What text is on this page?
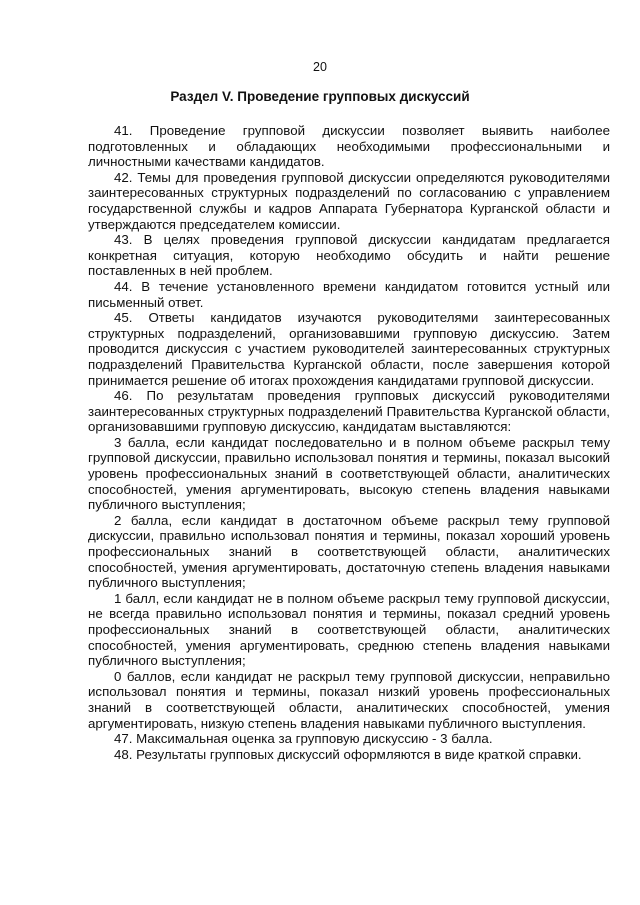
20
Раздел V. Проведение групповых дискуссий

41. Проведение групповой дискуссии позволяет выявить наиболее подготовленных и обладающих необходимыми профессиональными и личностными качествами кандидатов.

42. Темы для проведения групповой дискуссии определяются руководителями заинтересованных структурных подразделений по согласованию с управлением государственной службы и кадров Аппарата Губернатора Курганской области и утверждаются председателем комиссии.

43. В целях проведения групповой дискуссии кандидатам предлагается конкретная ситуация, которую необходимо обсудить и найти решение поставленных в ней проблем.

44. В течение установленного времени кандидатом готовится устный или письменный ответ.

45. Ответы кандидатов изучаются руководителями заинтересованных структурных подразделений, организовавшими групповую дискуссию. Затем проводится дискуссия с участием руководителей заинтересованных структурных подразделений Правительства Курганской области, после завершения которой принимается решение об итогах прохождения кандидатами групповой дискуссии.

46. По результатам проведения групповых дискуссий руководителями заинтересованных структурных подразделений Правительства Курганской области, организовавшими групповую дискуссию, кандидатам выставляются:

3 балла, если кандидат последовательно и в полном объеме раскрыл тему групповой дискуссии, правильно использовал понятия и термины, показал высокий уровень профессиональных знаний в соответствующей области, аналитических способностей, умения аргументировать, высокую степень владения навыками публичного выступления;

2 балла, если кандидат в достаточном объеме раскрыл тему групповой дискуссии, правильно использовал понятия и термины, показал хороший уровень профессиональных знаний в соответствующей области, аналитических способностей, умения аргументировать, достаточную степень владения навыками публичного выступления;

1 балл, если кандидат не в полном объеме раскрыл тему групповой дискуссии, не всегда правильно использовал понятия и термины, показал средний уровень профессиональных знаний в соответствующей области, аналитических способностей, умения аргументировать, среднюю степень владения навыками публичного выступления;

0 баллов, если кандидат не раскрыл тему групповой дискуссии, неправильно использовал понятия и термины, показал низкий уровень профессиональных знаний в соответствующей области, аналитических способностей, умения аргументировать, низкую степень владения навыками публичного выступления.

47. Максимальная оценка за групповую дискуссию - 3 балла.

48. Результаты групповых дискуссий оформляются в виде краткой справки.
